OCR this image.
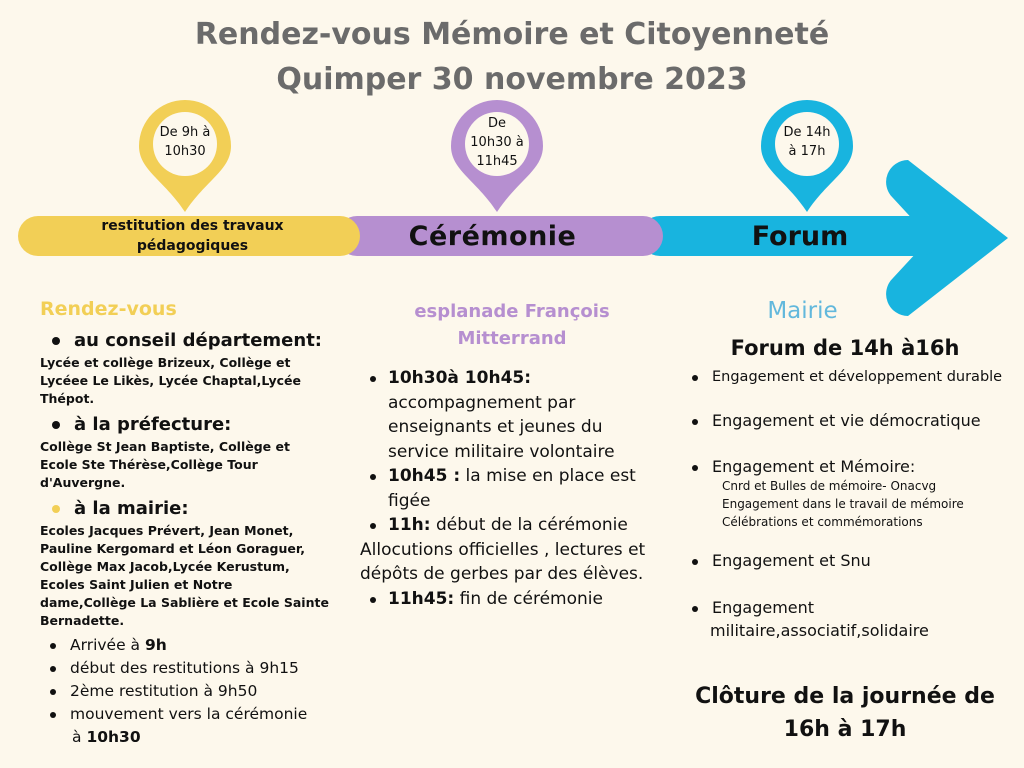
Rendez-vous Mémoire et Citoyenneté
Quimper 30 novembre 2023
De 9h à
10h30
De
10h30 à
11h45
De 14h
à 17h
restitution des travaux pédagogiques	Cérémonie	Forum
Rendez-vous
au conseil département:
Lycée et collège Brizeux, Collège et Lycéee Le Likès, Lycée Chaptal,Lycée Thépot.
à la préfecture:
Collège St Jean Baptiste, Collège et Ecole Ste Thérèse,Collège Tour d'Auvergne.
à la mairie:
Ecoles Jacques Prévert, Jean Monet, Pauline Kergomard et Léon Goraguer, Collège Max Jacob,Lycée Kerustum, Ecoles Saint Julien et Notre dame,Collège La Sablière et Ecole Sainte Bernadette.
Arrivée à 9h
début des restitutions à 9h15
2ème restitution à 9h50
mouvement vers la cérémonie
à 10h30
esplanade François
Mitterrand
10h30à 10h45:
accompagnement par enseignants et jeunes du service militaire volontaire
10h45 : la mise en place est figée
11h: début de la cérémonie
Allocutions officielles , lectures et dépôts de gerbes par des élèves.
11h45: fin de cérémonie
Mairie
Forum de 14h à16h
Engagement et développement durable
Engagement et vie démocratique
Engagement et Mémoire:
Cnrd et Bulles de mémoire- Onacvg
Engagement dans le travail de mémoire
Célébrations et commémorations
Engagement et Snu
Engagement
militaire,associatif,solidaire
Clôture de la journée de
16h à 17h
